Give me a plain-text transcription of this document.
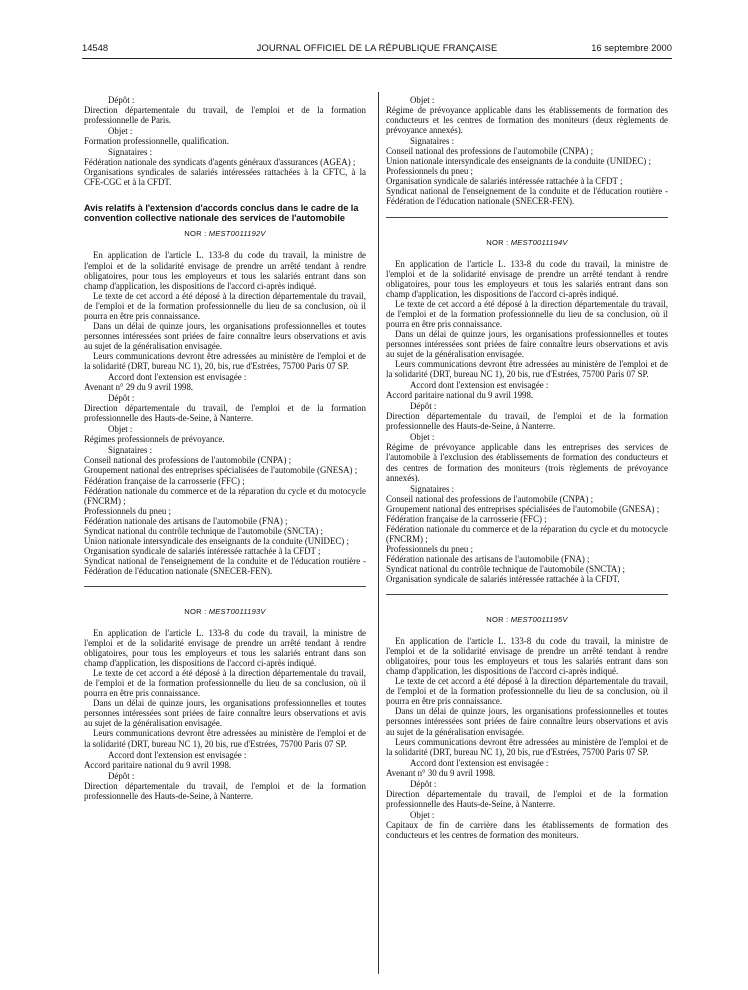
14548	JOURNAL OFFICIEL DE LA RÉPUBLIQUE FRANÇAISE	16 septembre 2000

Dépôt :

Direction départementale du travail, de l'emploi et de la formation professionnelle de Paris.

Objet :

Formation professionnelle, qualification.

Signataires :

Fédération nationale des syndicats d'agents généraux d'assurances (AGEA) ;

Organisations syndicales de salariés intéressées rattachées à la CFTC, à la CFE-CGC et à la CFDT.

Avis relatifs à l'extension d'accords conclus dans le cadre de la convention collective nationale des services de l'automobile

NOR : MEST0011192V

En application de l'article L. 133-8 du code du travail, la ministre de l'emploi et de la solidarité envisage de prendre un arrêté tendant à rendre obligatoires, pour tous les employeurs et tous les salariés entrant dans son champ d'application, les dispositions de l'accord ci-après indiqué.

Le texte de cet accord a été déposé à la direction départementale du travail, de l'emploi et de la formation professionnelle du lieu de sa conclusion, où il pourra en être pris connaissance.

Dans un délai de quinze jours, les organisations professionnelles et toutes personnes intéressées sont priées de faire connaître leurs observations et avis au sujet de la généralisation envisagée.

Leurs communications devront être adressées au ministère de l'emploi et de la solidarité (DRT, bureau NC 1), 20, bis, rue d'Estrées, 75700 Paris 07 SP.

Accord dont l'extension est envisagée :

Avenant n° 29 du 9 avril 1998.

Dépôt :

Direction départementale du travail, de l'emploi et de la formation professionnelle des Hauts-de-Seine, à Nanterre.

Objet :

Régimes professionnels de prévoyance.

Signataires :

Conseil national des professions de l'automobile (CNPA) ;

Groupement national des entreprises spécialisées de l'automobile (GNESA) ;

Fédération française de la carrosserie (FFC) ;

Fédération nationale du commerce et de la réparation du cycle et du motocycle (FNCRM) ;

Professionnels du pneu ;

Fédération nationale des artisans de l'automobile (FNA) ;

Syndicat national du contrôle technique de l'automobile (SNCTA) ;

Union nationale intersyndicale des enseignants de la conduite (UNIDEC) ;

Organisation syndicale de salariés intéressée rattachée à la CFDT ;

Syndicat national de l'enseignement de la conduite et de l'éducation routière - Fédération de l'éducation nationale (SNECER-FEN).

NOR : MEST0011193V

En application de l'article L. 133-8 du code du travail, la ministre de l'emploi et de la solidarité envisage de prendre un arrêté tendant à rendre obligatoires, pour tous les employeurs et tous les salariés entrant dans son champ d'application, les dispositions de l'accord ci-après indiqué.

Le texte de cet accord a été déposé à la direction départementale du travail, de l'emploi et de la formation professionnelle du lieu de sa conclusion, où il pourra en être pris connaissance.

Dans un délai de quinze jours, les organisations professionnelles et toutes personnes intéressées sont priées de faire connaître leurs observations et avis au sujet de la généralisation envisagée.

Leurs communications devront être adressées au ministère de l'emploi et de la solidarité (DRT, bureau NC 1), 20 bis, rue d'Estrées, 75700 Paris 07 SP.

Accord dont l'extension est envisagée :

Accord paritaire national du 9 avril 1998.

Dépôt :

Direction départementale du travail, de l'emploi et de la formation professionnelle des Hauts-de-Seine, à Nanterre.

Objet :

Régime de prévoyance applicable dans les établissements de formation des conducteurs et les centres de formation des moniteurs (deux règlements de prévoyance annexés).

Signataires :

Conseil national des professions de l'automobile (CNPA) ;

Union nationale intersyndicale des enseignants de la conduite (UNIDEC) ;

Professionnels du pneu ;

Organisation syndicale de salariés intéressée rattachée à la CFDT ;

Syndicat national de l'enseignement de la conduite et de l'éducation routière - Fédération de l'éducation nationale (SNECER-FEN).

NOR : MEST0011194V

En application de l'article L. 133-8 du code du travail, la ministre de l'emploi et de la solidarité envisage de prendre un arrêté tendant à rendre obligatoires, pour tous les employeurs et tous les salariés entrant dans son champ d'application, les dispositions de l'accord ci-après indiqué.

Le texte de cet accord a été déposé à la direction départementale du travail, de l'emploi et de la formation professionnelle du lieu de sa conclusion, où il pourra en être pris connaissance.

Dans un délai de quinze jours, les organisations professionnelles et toutes personnes intéressées sont priées de faire connaître leurs observations et avis au sujet de la généralisation envisagée.

Leurs communications devront être adressées au ministère de l'emploi et de la solidarité (DRT, bureau NC 1), 20 bis, rue d'Estrées, 75700 Paris 07 SP.

Accord dont l'extension est envisagée :

Accord paritaire national du 9 avril 1998.

Dépôt :

Direction départementale du travail, de l'emploi et de la formation professionnelle des Hauts-de-Seine, à Nanterre.

Objet :

Régime de prévoyance applicable dans les entreprises des services de l'automobile à l'exclusion des établissements de formation des conducteurs et des centres de formation des moniteurs (trois règlements de prévoyance annexés).

Signataires :

Conseil national des professions de l'automobile (CNPA) ;

Groupement national des entreprises spécialisées de l'automobile (GNESA) ;

Fédération française de la carrosserie (FFC) ;

Fédération nationale du commerce et de la réparation du cycle et du motocycle (FNCRM) ;

Professionnels du pneu ;

Fédération nationale des artisans de l'automobile (FNA) ;

Syndicat national du contrôle technique de l'automobile (SNCTA) ;

Organisation syndicale de salariés intéressée rattachée à la CFDT.

NOR : MEST0011195V

En application de l'article L. 133-8 du code du travail, la ministre de l'emploi et de la solidarité envisage de prendre un arrêté tendant à rendre obligatoires, pour tous les employeurs et tous les salariés entrant dans son champ d'application, les dispositions de l'accord ci-après indiqué.

Le texte de cet accord a été déposé à la direction départementale du travail, de l'emploi et de la formation professionnelle du lieu de sa conclusion, où il pourra en être pris connaissance.

Dans un délai de quinze jours, les organisations professionnelles et toutes personnes intéressées sont priées de faire connaître leurs observations et avis au sujet de la généralisation envisagée.

Leurs communications devront être adressées au ministère de l'emploi et de la solidarité (DRT, bureau NC 1), 20 bis, rue d'Estrées, 75700 Paris 07 SP.

Accord dont l'extension est envisagée :

Avenant n° 30 du 9 avril 1998.

Dépôt :

Direction départementale du travail, de l'emploi et de la formation professionnelle des Hauts-de-Seine, à Nanterre.

Objet :

Capitaux de fin de carrière dans les établissements de formation des conducteurs et les centres de formation des moniteurs.
